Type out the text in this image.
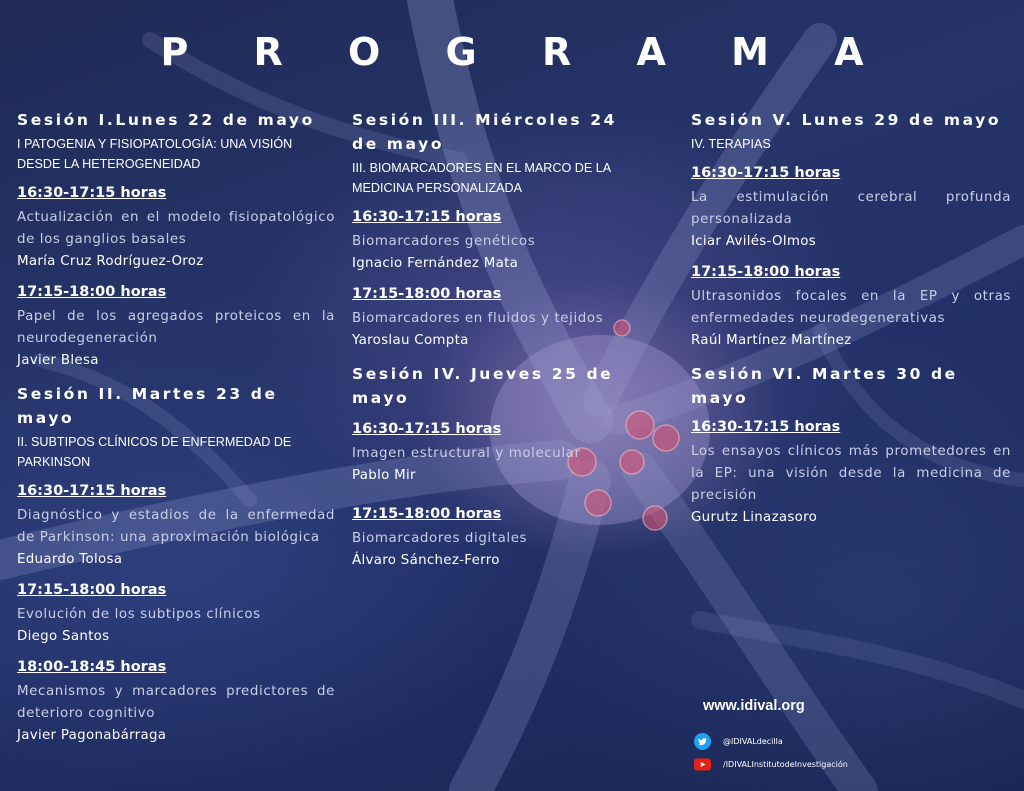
P R O G R A M A
Sesión I.Lunes 22 de mayo
I PATOGENIA Y FISIOPATOLOGÍA: UNA VISIÓN DESDE LA HETEROGENEIDAD
16:30-17:15 horas
Actualización en el modelo fisiopatológico de los ganglios basales
María Cruz Rodríguez-Oroz
17:15-18:00 horas
Papel de los agregados proteicos en la neurodegeneración
Javier Blesa
Sesión II. Martes 23 de mayo
II. SUBTIPOS CLÍNICOS DE ENFERMEDAD DE PARKINSON
16:30-17:15 horas
Diagnóstico y estadios de la enfermedad de Parkinson: una aproximación biológica
Eduardo Tolosa
17:15-18:00 horas
Evolución de los subtipos clínicos
Diego Santos
18:00-18:45 horas
Mecanismos y marcadores predictores de deterioro cognitivo
Javier Pagonabárraga
Sesión III. Miércoles 24 de mayo
III. BIOMARCADORES EN EL MARCO DE LA MEDICINA PERSONALIZADA
16:30-17:15 horas
Biomarcadores genéticos
Ignacio Fernández Mata
17:15-18:00 horas
Biomarcadores en fluidos y tejidos
Yaroslau Compta
Sesión IV. Jueves 25 de mayo
16:30-17:15 horas
Imagen estructural y molecular
Pablo Mir
17:15-18:00 horas
Biomarcadores digitales
Álvaro Sánchez-Ferro
Sesión V. Lunes 29 de mayo
IV. TERAPIAS
16:30-17:15 horas
La estimulación cerebral profunda personalizada
Iciar Avilés-Olmos
17:15-18:00 horas
Ultrasonidos focales en la EP y otras enfermedades neurodegenerativas
Raúl Martínez Martínez
Sesión VI. Martes 30 de mayo
16:30-17:15 horas
Los ensayos clínicos más prometedores en la EP: una visión desde la medicina de precisión
Gurutz Linazasoro
www.idival.org
@IDIVALdecilla
/IDIVALInstitutodeInvestigación
